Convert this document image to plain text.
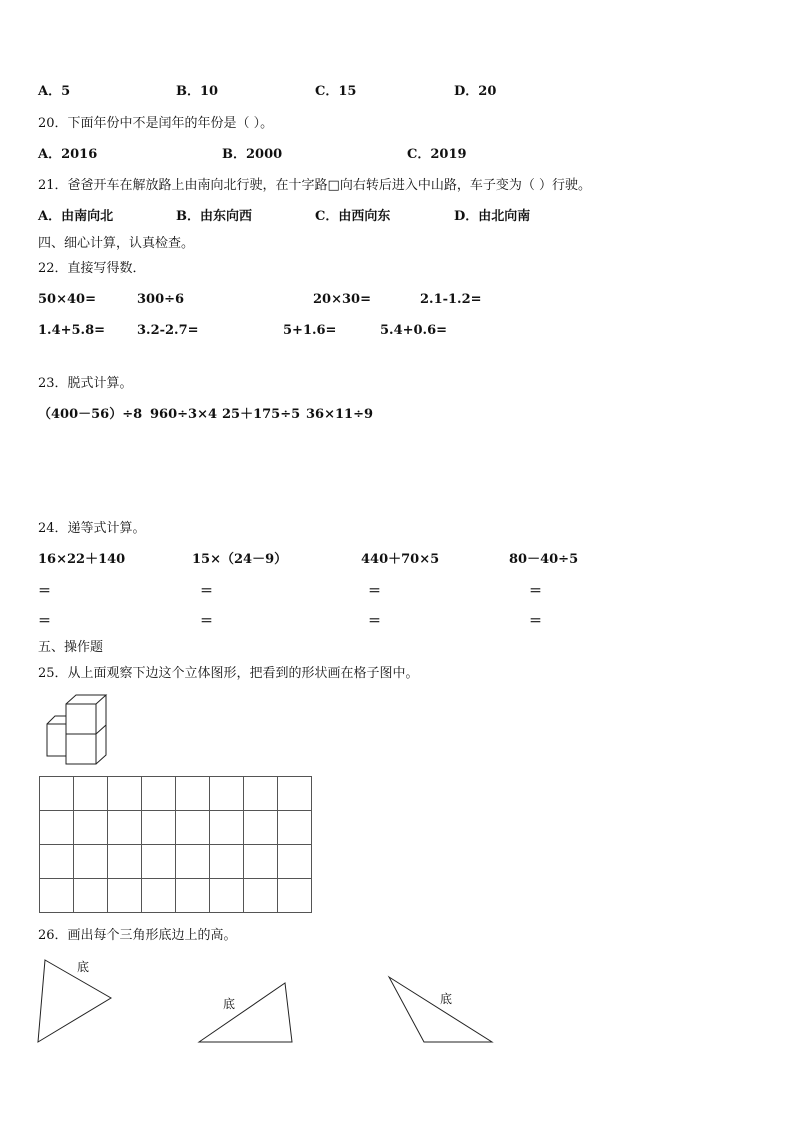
A．5	B．10	C．15	D．20
20．下面年份中不是闰年的年份是（ ）。
A．2016	B．2000	C．2019
21．爸爸开车在解放路上由南向北行驶，在十字路□向右转后进入中山路，车子变为（ ）行驶。
A．由南向北	B．由东向西	C．由西向东	D．由北向南
四、细心计算，认真检查。
22．直接写得数．
50×40=	300÷6	20×30=	2.1-1.2=
1.4+5.8= 3.2-2.7=	5+1.6=	5.4+0.6=
23．脱式计算。
（400－56）÷8 960÷3×4 25＋175÷5 36×11÷9
24．递等式计算。
16×22＋140	15×（24－9）	440＋70×5	80－40÷5
＝	＝	＝	＝
＝	＝	＝	＝
五、操作题
25．从上面观察下边这个立体图形，把看到的形状画在格子图中。
26．画出每个三角形底边上的高。
底
底	底
